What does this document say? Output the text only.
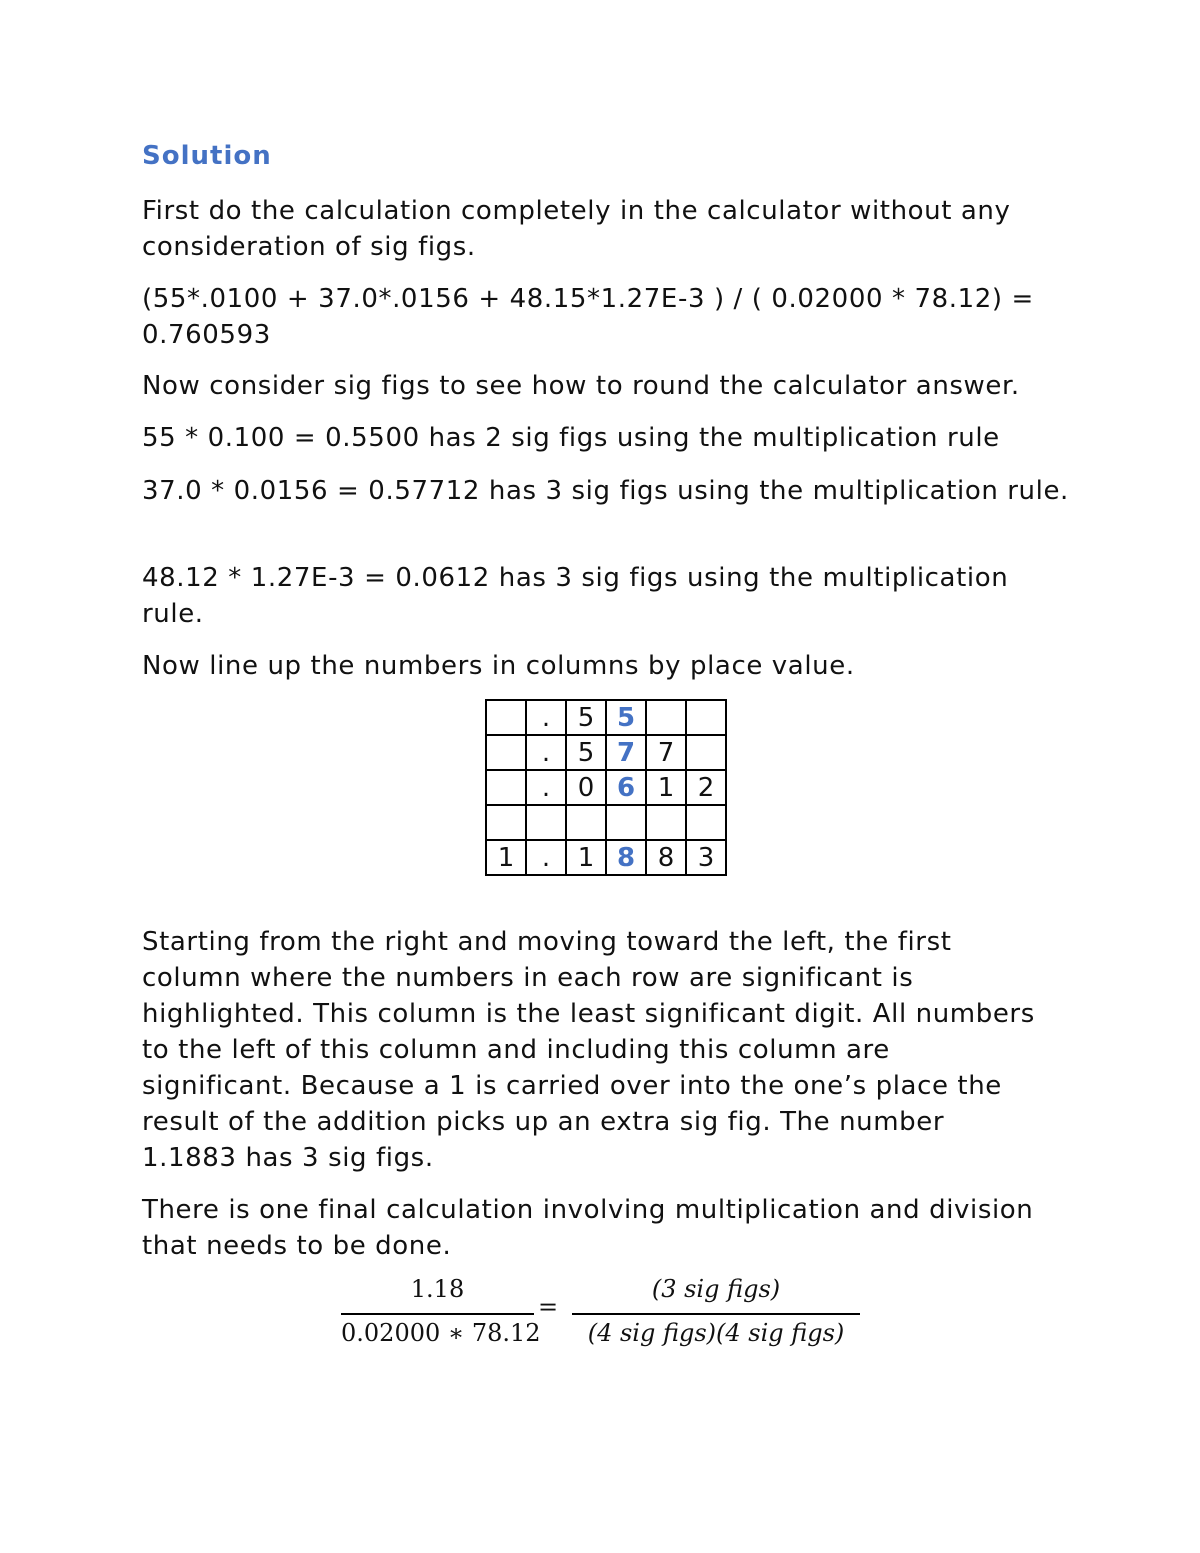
Solution
First do the calculation completely in the calculator without any consideration of sig figs.
(55*.0100 + 37.0*.0156 + 48.15*1.27E-3 ) / ( 0.02000 * 78.12) = 0.760593
Now consider sig figs to see how to round the calculator answer.
55 * 0.100 = 0.5500 has 2 sig figs using the multiplication rule
37.0 * 0.0156 = 0.57712 has 3 sig figs using the multiplication rule.
48.12 * 1.27E-3 = 0.0612 has 3 sig figs using the multiplication rule.
Now line up the numbers in columns by place value.
	.	5	5		
	.	5	7	7	
	.	0	6	1	2

1	.	1	8	8	3
Starting from the right and moving toward the left, the first column where the numbers in each row are significant is highlighted. This column is the least significant digit. All numbers to the left of this column and including this column are significant. Because a 1 is carried over into the one’s place the result of the addition picks up an extra sig fig. The number 1.1883 has 3 sig figs.
There is one final calculation involving multiplication and division that needs to be done.
1.18
0.02000 ∗ 78.12
=
(3 sig figs)
(4 sig figs)(4 sig figs)
